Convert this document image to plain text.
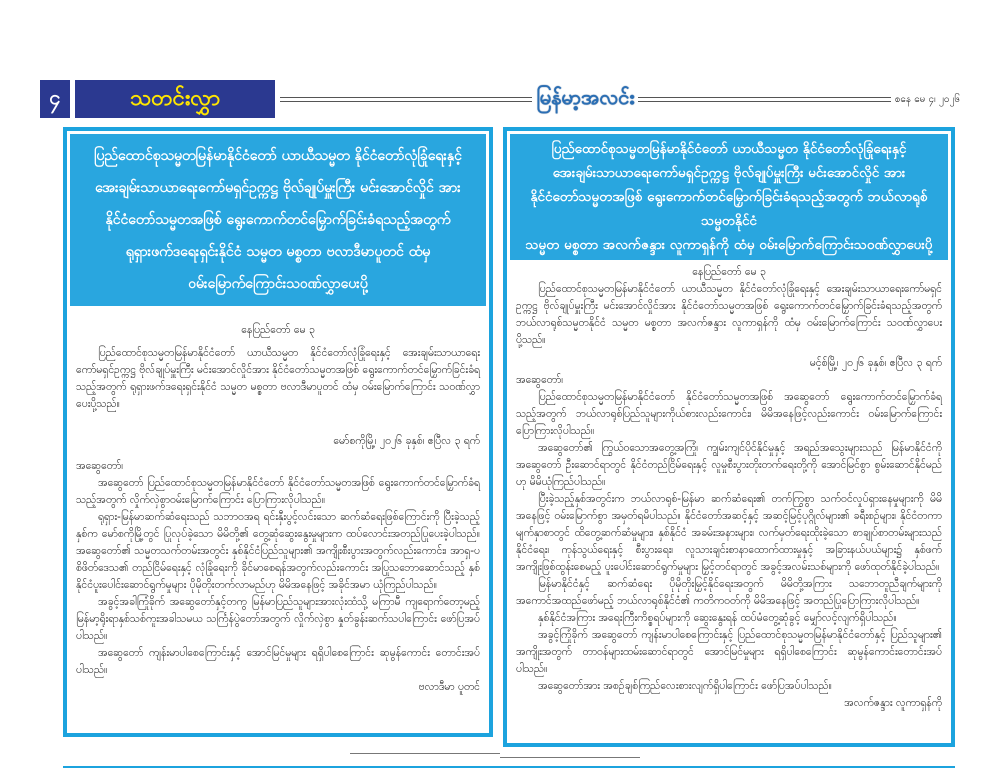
၄	သတင်းလွှာ	မြန်မာ့အလင်း	စနေ မေ ၄၊ ၂၀၂၆
ပြည်ထောင်စုသမ္မတမြန်မာနိုင်ငံတော် ယာယီသမ္မတ နိုင်ငံတော်လုံခြုံရေးနှင့်
အေးချမ်းသာယာရေးကော်မရှင်ဥက္ကဋ္ဌ ဗိုလ်ချုပ်မှူးကြီး မင်းအောင်လှိုင် အား
နိုင်ငံတော်သမ္မတအဖြစ် ရွေးကောက်တင်မြှောက်ခြင်းခံရသည့်အတွက်
ရုရှားဖက်ဒရေးရှင်းနိုင်ငံ သမ္မတ မစ္စတာ ဗလာဒီမာပူတင် ထံမှ
ဝမ်းမြောက်ကြောင်းသဝဏ်လွှာပေးပို့

နေပြည်တော် မေ ၃

ပြည်ထောင်စုသမ္မတမြန်မာနိုင်ငံတော် ယာယီသမ္မတ နိုင်ငံတော်လုံခြုံရေးနှင့် အေးချမ်းသာယာရေးကော်မရှင်ဥက္ကဋ္ဌ ဗိုလ်ချုပ်မှူးကြီး မင်းအောင်လှိုင်အား နိုင်ငံတော်သမ္မတအဖြစ် ရွေးကောက်တင်မြှောက်ခြင်းခံရသည့်အတွက် ရုရှားဖက်ဒရေးရှင်းနိုင်ငံ သမ္မတ မစ္စတာ ဗလာဒီမာပူတင် ထံမှ ဝမ်းမြောက်ကြောင်း သဝဏ်လွှာပေးပို့သည်။

မော်စကိုမြို့၊ ၂၀၂၆ ခုနှစ်၊ ဧပြီလ ၃ ရက်

အဆွေတော်၊

အဆွေတော် ပြည်ထောင်စုသမ္မတမြန်မာနိုင်ငံတော် နိုင်ငံတော်သမ္မတအဖြစ် ရွေးကောက်တင်မြှောက်ခံရသည့်အတွက် လှိုက်လှဲစွာဝမ်းမြောက်ကြောင်း ပြောကြားလိုပါသည်။

ရုရှား-မြန်မာဆက်ဆံရေးသည် သဘာဝအရ ရင်းနှီးပွင့်လင်းသော ဆက်ဆံရေးဖြစ်ကြောင်းကို ပြီးခဲ့သည့်နှစ်က မော်စကိုမြို့တွင် ပြုလုပ်ခဲ့သော မိမိတို့၏ တွေ့ဆုံဆွေးနွေးမှုများက ထပ်လောင်းအတည်ပြုပေးခဲ့ပါသည်။ အဆွေတော်၏ သမ္မတသက်တမ်းအတွင်း နှစ်နိုင်ငံပြည်သူများ၏ အကျိုးစီးပွားအတွက်လည်းကောင်း၊ အာရှ-ပစိဖိတ်ဒေသ၏ တည်ငြိမ်ရေးနှင့် လုံခြုံရေးကို ခိုင်မာစေရန်အတွက်လည်းကောင်း အပြုသဘောဆောင်သည့် နှစ်နိုင်ငံပူးပေါင်းဆောင်ရွက်မှုများ ပိုမိုတိုးတက်လာမည်ဟု မိမိအနေဖြင့် အခိုင်အမာ ယုံကြည်ပါသည်။

အခွင့်အခါကြုံခိုက် အဆွေတော်နှင့်တကွ မြန်မာပြည်သူများအားလုံးထံသို့ မကြာမီ ကျရောက်တော့မည့် မြန်မာ့ရိုးရာနှစ်သစ်ကူးအခါသမယ သင်္ကြန်ပွဲတော်အတွက် လှိုက်လှဲစွာ နှုတ်ခွန်းဆက်သပါကြောင်း ဖော်ပြအပ်ပါသည်။

အဆွေတော် ကျန်းမာပါစေကြောင်းနှင့် အောင်မြင်မှုများ ရရှိပါစေကြောင်း ဆုမွန်ကောင်း တောင်းအပ်ပါသည်။

ဗလာဒီမာ ပူတင်

ပြည်ထောင်စုသမ္မတမြန်မာနိုင်ငံတော် ယာယီသမ္မတ နိုင်ငံတော်လုံခြုံရေးနှင့်
အေးချမ်းသာယာရေးကော်မရှင်ဥက္ကဋ္ဌ ဗိုလ်ချုပ်မှူးကြီး မင်းအောင်လှိုင် အား
နိုင်ငံတော်သမ္မတအဖြစ် ရွေးကောက်တင်မြှောက်ခြင်းခံရသည့်အတွက် ဘယ်လာရုစ်သမ္မတနိုင်ငံ
သမ္မတ မစ္စတာ အလက်ဇန္ဒား လူကာရှန်ကို ထံမှ ဝမ်းမြောက်ကြောင်းသဝဏ်လွှာပေးပို့

နေပြည်တော် မေ ၃

ပြည်ထောင်စုသမ္မတမြန်မာနိုင်ငံတော် ယာယီသမ္မတ နိုင်ငံတော်လုံခြုံရေးနှင့် အေးချမ်းသာယာရေးကော်မရှင်ဥက္ကဋ္ဌ ဗိုလ်ချုပ်မှူးကြီး မင်းအောင်လှိုင်အား နိုင်ငံတော်သမ္မတအဖြစ် ရွေးကောက်တင်မြှောက်ခြင်းခံရသည့်အတွက် ဘယ်လာရုစ်သမ္မတနိုင်ငံ သမ္မတ မစ္စတာ အလက်ဇန္ဒား လူကာရှန်ကို ထံမှ ဝမ်းမြောက်ကြောင်း သဝဏ်လွှာပေးပို့သည်။

မင့်စ်မြို့၊ ၂၀၂၆ ခုနှစ်၊ ဧပြီလ ၃ ရက်

အဆွေတော်၊

ပြည်ထောင်စုသမ္မတမြန်မာနိုင်ငံတော် နိုင်ငံတော်သမ္မတအဖြစ် အဆွေတော် ရွေးကောက်တင်မြှောက်ခံရသည့်အတွက် ဘယ်လာရုစ်ပြည်သူများကိုယ်စားလည်းကောင်း၊ မိမိအနေဖြင့်လည်းကောင်း ဝမ်းမြောက်ကြောင်း ပြောကြားလိုပါသည်။

အဆွေတော်၏ ကြွယ်ဝသောအတွေ့အကြုံ၊ ကျွမ်းကျင်ပိုင်နိုင်မှုနှင့် အရည်အသွေးများသည် မြန်မာနိုင်ငံကို အဆွေတော် ဦးဆောင်ရာတွင် နိုင်ငံတည်ငြိမ်ရေးနှင့် လူမှုစီးပွားတိုးတက်ရေးတို့ကို အောင်မြင်စွာ စွမ်းဆောင်နိုင်မည်ဟု မိမိယုံကြည်ပါသည်။

ပြီးခဲ့သည့်နှစ်အတွင်းက ဘယ်လာရုစ်-မြန်မာ ဆက်ဆံရေး၏ တက်ကြွစွာ သက်ဝင်လှုပ်ရှားနေမှုများကို မိမိအနေဖြင့် ဝမ်းမြောက်စွာ အမှတ်ရမိပါသည်။ နိုင်ငံတော်အဆင့်နှင့် အဆင့်မြင့်ပုဂ္ဂိုလ်များ၏ ခရီးစဉ်များ၊ နိုင်ငံတကာမျက်နှာစာတွင် ထိတွေ့ဆက်ဆံမှုများ၊ နှစ်နိုင်ငံ အခမ်းအနားများ၊ လက်မှတ်ရေးထိုးခဲ့သော စာချုပ်စာတမ်းများသည် နိုင်ငံရေး၊ ကုန်သွယ်ရေးနှင့် စီးပွားရေး၊ လူသားချင်းစာနာထောက်ထားမှုနှင့် အခြားနယ်ပယ်များ၌ နှစ်ဖက်အကျိုးဖြစ်ထွန်းစေမည့် ပူးပေါင်းဆောင်ရွက်မှုများ မြှင့်တင်ရာတွင် အခွင့်အလမ်းသစ်များကို ဖော်ထုတ်နိုင်ခဲ့ပါသည်။

မြန်မာနိုင်ငံနှင့် ဆက်ဆံရေး ပိုမိုတိုးမြှင့်နိုင်ရေးအတွက် မိမိတို့အကြား သဘောတူညီချက်များကို အကောင်အထည်ဖော်မည့် ဘယ်လာရုစ်နိုင်ငံ၏ ကတိကဝတ်ကို မိမိအနေဖြင့် အတည်ပြုပြောကြားလိုပါသည်။

နှစ်နိုင်ငံအကြား အရေးကြီးကိစ္စရပ်များကို ဆွေးနွေးရန် ထပ်မံတွေ့ဆုံခွင့် မျှော်လင့်လျက်ရှိပါသည်။

အခွင့်ကြုံခိုက် အဆွေတော် ကျန်းမာပါစေကြောင်းနှင့် ပြည်ထောင်စုသမ္မတမြန်မာနိုင်ငံတော်နှင့် ပြည်သူများ၏ အကျိုးအတွက် တာဝန်များထမ်းဆောင်ရာတွင် အောင်မြင်မှုများ ရရှိပါစေကြောင်း ဆုမွန်ကောင်းတောင်းအပ်ပါသည်။

အဆွေတော်အား အစဉ်ချစ်ကြည်လေးစားလျက်ရှိပါကြောင်း ဖော်ပြအပ်ပါသည်။

အလက်ဇန္ဒား လူကာရှန်ကို
